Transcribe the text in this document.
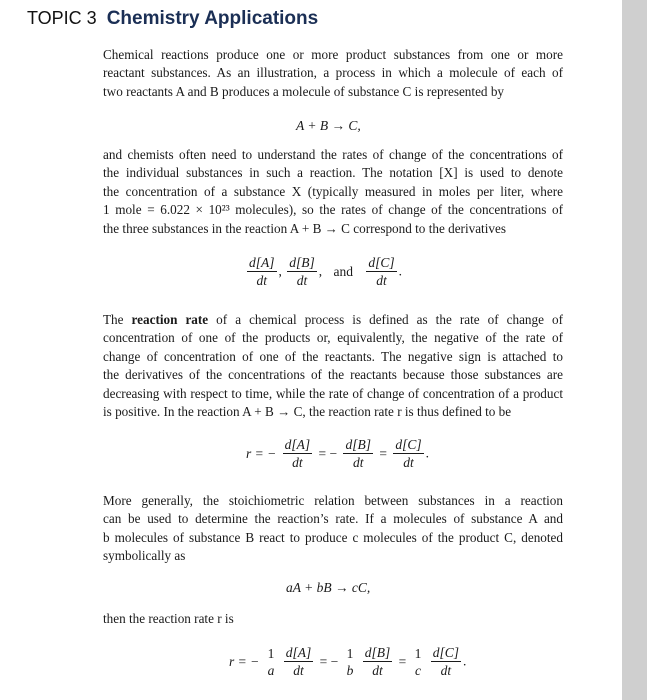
TOPIC 3 Chemistry Applications
Chemical reactions produce one or more product substances from one or more
reactant substances. As an illustration, a process in which a molecule of each of
two reactants A and B produces a molecule of substance C is represented by
A + B → C,
and chemists often need to understand the rates of change of the concentrations of
the individual substances in such a reaction. The notation [X] is used to denote
the concentration of a substance X (typically measured in moles per liter, where
1 mole = 6.022 × 10²³ molecules), so the rates of change of the concentrations of
the three substances in the reaction A + B → C correspond to the derivatives
$\frac{d[A]}{dt}$ , $\frac{d[B]}{dt}$ , and $\frac{d[C]}{dt}$ .
The reaction rate of a chemical process is defined as the rate of change of
concentration of one of the products or, equivalently, the negative of the rate of
change of concentration of one of the reactants. The negative sign is attached to
the derivatives of the concentrations of the reactants because those substances are
decreasing with respect to time, while the rate of change of concentration of a product
is positive. In the reaction A + B → C, the reaction rate r is thus defined to be
r = − $\frac{d[A]}{dt}$ = − $\frac{d[B]}{dt} = \frac{d[C]}{dt}$ .
More generally, the stoichiometric relation between substances in a reaction
can be used to determine the reaction’s rate. If a molecules of substance A and
b molecules of substance B react to produce c molecules of the product C, denoted
symbolically as
aA + bB → cC,
then the reaction rate r is
r = −
1
a
$\frac{d[A]}{dt}$ = −
1
b
$\frac{d[B]}{dt}$ =
1
c
$\frac{d[C]}{dt}$ .
